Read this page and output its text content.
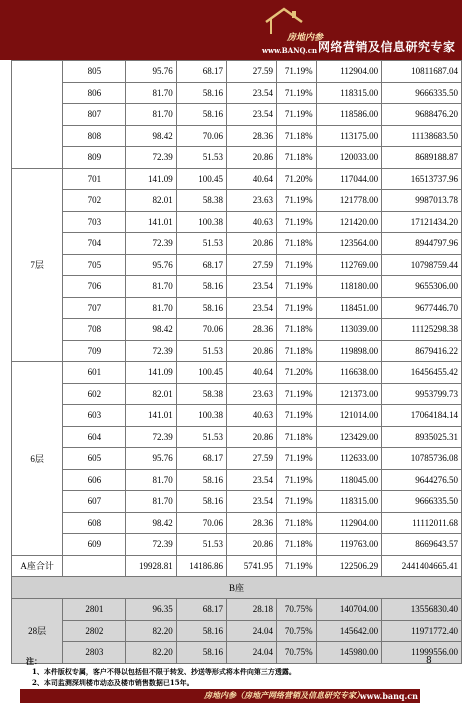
房地内参
www.BANQ.cn 网络营销及信息研究专家
	805	95.76	68.17	27.59	71.19%	112904.00	10811687.04
	806	81.70	58.16	23.54	71.19%	118315.00	9666335.50
	807	81.70	58.16	23.54	71.19%	118586.00	9688476.20
	808	98.42	70.06	28.36	71.18%	113175.00	11138683.50
	809	72.39	51.53	20.86	71.18%	120033.00	8689188.87
7层	701	141.09	100.45	40.64	71.20%	117044.00	16513737.96
	702	82.01	58.38	23.63	71.19%	121778.00	9987013.78
	703	141.01	100.38	40.63	71.19%	121420.00	17121434.20
	704	72.39	51.53	20.86	71.18%	123564.00	8944797.96
	705	95.76	68.17	27.59	71.19%	112769.00	10798759.44
	706	81.70	58.16	23.54	71.19%	118180.00	9655306.00
	707	81.70	58.16	23.54	71.19%	118451.00	9677446.70
	708	98.42	70.06	28.36	71.18%	113039.00	11125298.38
	709	72.39	51.53	20.86	71.18%	119898.00	8679416.22
6层	601	141.09	100.45	40.64	71.20%	116638.00	16456455.42
	602	82.01	58.38	23.63	71.19%	121373.00	9953799.73
	603	141.01	100.38	40.63	71.19%	121014.00	17064184.14
	604	72.39	51.53	20.86	71.18%	123429.00	8935025.31
	605	95.76	68.17	27.59	71.19%	112633.00	10785736.08
	606	81.70	58.16	23.54	71.19%	118045.00	9644276.50
	607	81.70	58.16	23.54	71.19%	118315.00	9666335.50
	608	98.42	70.06	28.36	71.18%	112904.00	11112011.68
	609	72.39	51.53	20.86	71.18%	119763.00	8669643.57
A座合计		19928.81	14186.86	5741.95	71.19%	122506.29	2441404665.41
B座							
28层	2801	96.35	68.17	28.18	70.75%	140704.00	13556830.40
	2802	82.20	58.16	24.04	70.75%	145642.00	11971772.40
	2803	82.20	58.16	24.04	70.75%	145980.00	11999556.00
注：
1、本件版权专属，客户不得以包括但不限于转发、抄送等形式将本件向第三方透露。
2、本司监测深圳楼市动态及楼市销售数据已15年。
8
房地内参（房地产网络营销及信息研究专家）
www.banq.cn
